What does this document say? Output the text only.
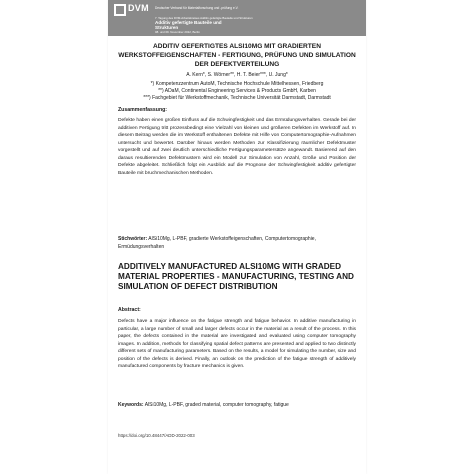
DVM Deutscher Verband für Materialforschung und -prüfung e.V.
7. Tagung des DVM-Arbeitskreises Additiv gefertigte Bauteile und Strukturen
Additiv gefertigte Bauteile und
Strukturen
08. und 09. November 2022, Berlin
ADDITIV GEFERTIGTES ALSI10MG MIT GRADIERTEN WERKSTOFFEIGENSCHAFTEN - FERTIGUNG, PRÜFUNG UND SIMULATION DER DEFEKTVERTEILUNG
A. Kern*, S. Wörner**, H. T. Beier***, U. Jung*
*) Kompetenzzentrum AutoM, Technische Hochschule Mittelhessen, Friedberg
**) ADaM, Continental Engineering Services & Products GmbH, Karben
***) Fachgebiet für Werkstoffmechanik, Technische Universität Darmstadt, Darmstadt
Zusammenfassung:
Defekte haben einen großen Einfluss auf die Schwingfestigkeit und das Ermüdungsverhalten. Gerade bei der additiven Fertigung tritt prozessbedingt eine Vielzahl von kleinen und größeren Defekten im Werkstoff auf. In diesem Beitrag werden die im Werkstoff enthaltenen Defekte mit Hilfe von Computertomographie-Aufnahmen untersucht und bewertet. Darüber hinaus werden Methoden zur Klassifizierung räumlicher Defektmuster vorgestellt und auf zwei deutlich unterschiedliche Fertigungsparametersätze angewandt. Basierend auf den daraus resultierenden Defektmustern wird ein Modell zur Simulation von Anzahl, Größe und Position der Defekte abgeleitet. Schließlich folgt ein Ausblick auf die Prognose der Schwingfestigkeit additiv gefertigter Bauteile mit bruchmechanischen Methoden.
Stichwörter: AlSi10Mg, L-PBF, gradierte Werkstoffeigenschaften, Computertomographie, Ermüdungsverhalten
ADDITIVELY MANUFACTURED ALSI10MG WITH GRADED MATERIAL PROPERTIES - MANUFACTURING, TESTING AND SIMULATION OF DEFECT DISTRIBUTION
Abstract:
Defects have a major influence on the fatigue strength and fatigue behavior. In additive manufacturing in particular, a large number of small and larger defects occur in the material as a result of the process. In this paper, the defects contained in the material are investigated and evaluated using computer tomography images. In addition, methods for classifying spatial defect patterns are presented and applied to two distinctly different sets of manufacturing parameters. Based on the results, a model for simulating the number, size and position of the defects is derived. Finally, an outlook on the prediction of the fatigue strength of additively manufactured components by fracture mechanics is given.
Keywords: AlSi10Mg, L-PBF, graded material, computer tomography, fatigue
https://doi.org/10.48447/ADD-2022-003
